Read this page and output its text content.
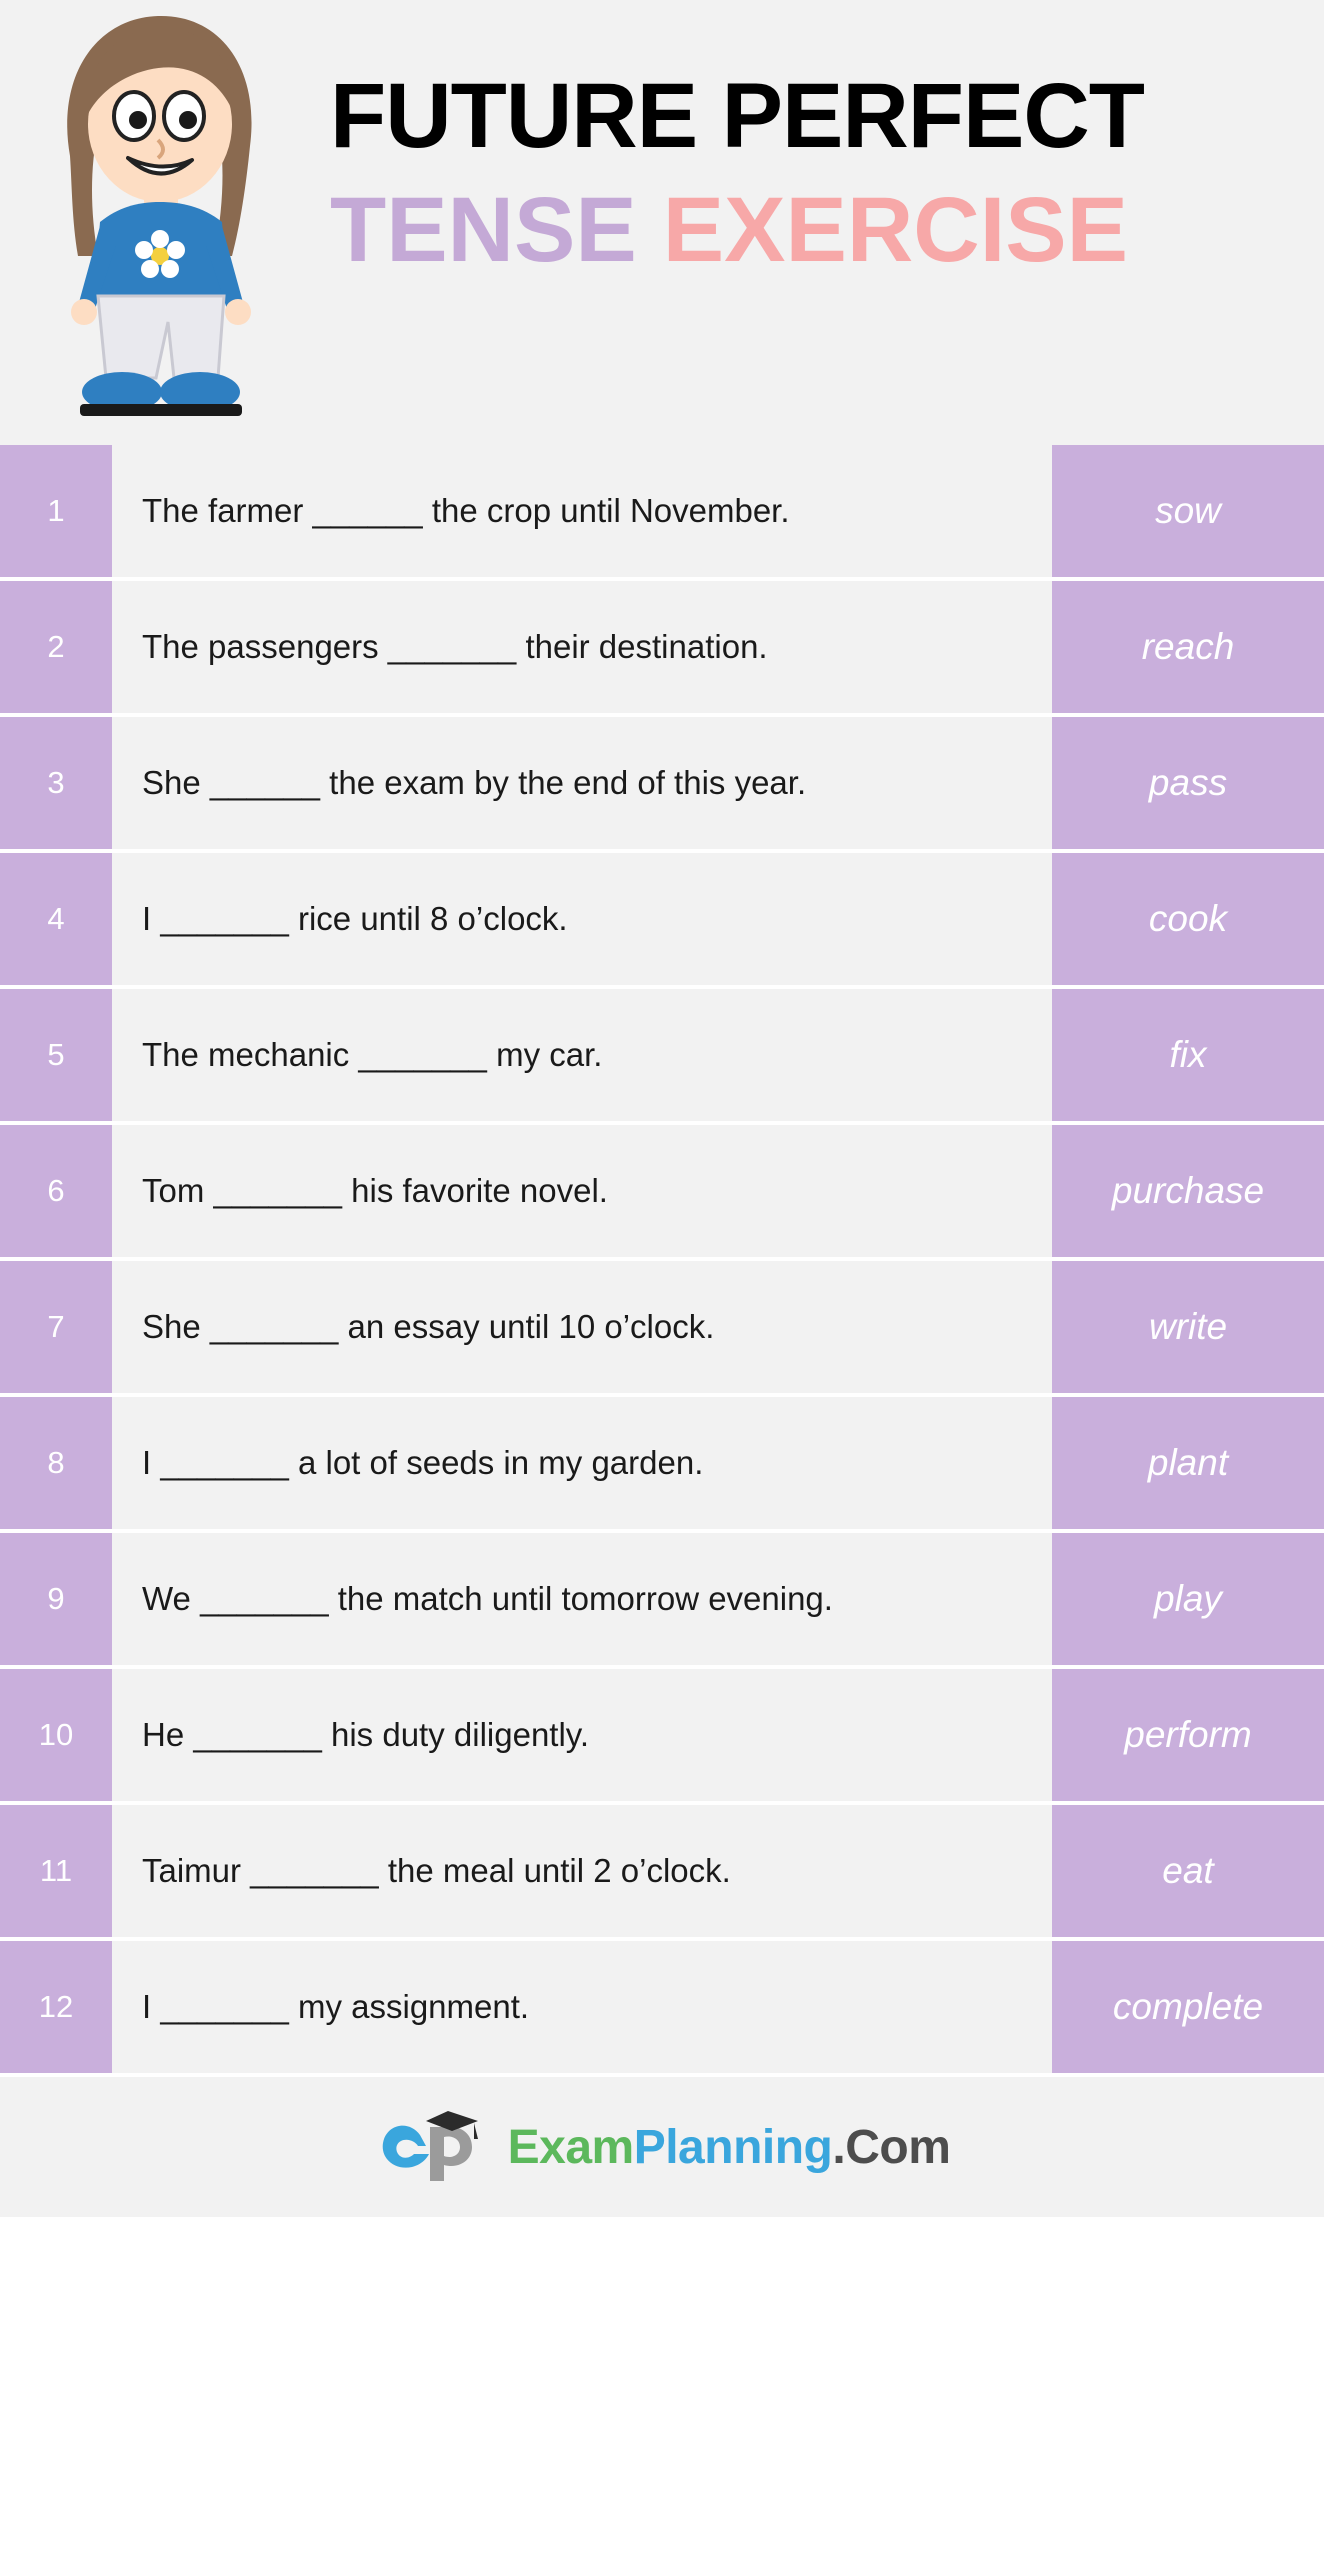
FUTURE PERFECT
TENSE EXERCISE
1	The farmer ______ the crop until November.	sow
2	The passengers _______ their destination.	reach
3	She ______ the exam by the end of this year.	pass
4	I _______ rice until 8 o’clock.	cook
5	The mechanic _______ my car.	fix
6	Tom _______ his favorite novel.	purchase
7	She _______ an essay until 10 o’clock.	write
8	I _______ a lot of seeds in my garden.	plant
9	We _______ the match until tomorrow evening.	play
10	He _______ his duty diligently.	perform
11	Taimur _______ the meal until 2 o’clock.	eat
12	I _______ my assignment.	complete
ExamPlanning.Com
